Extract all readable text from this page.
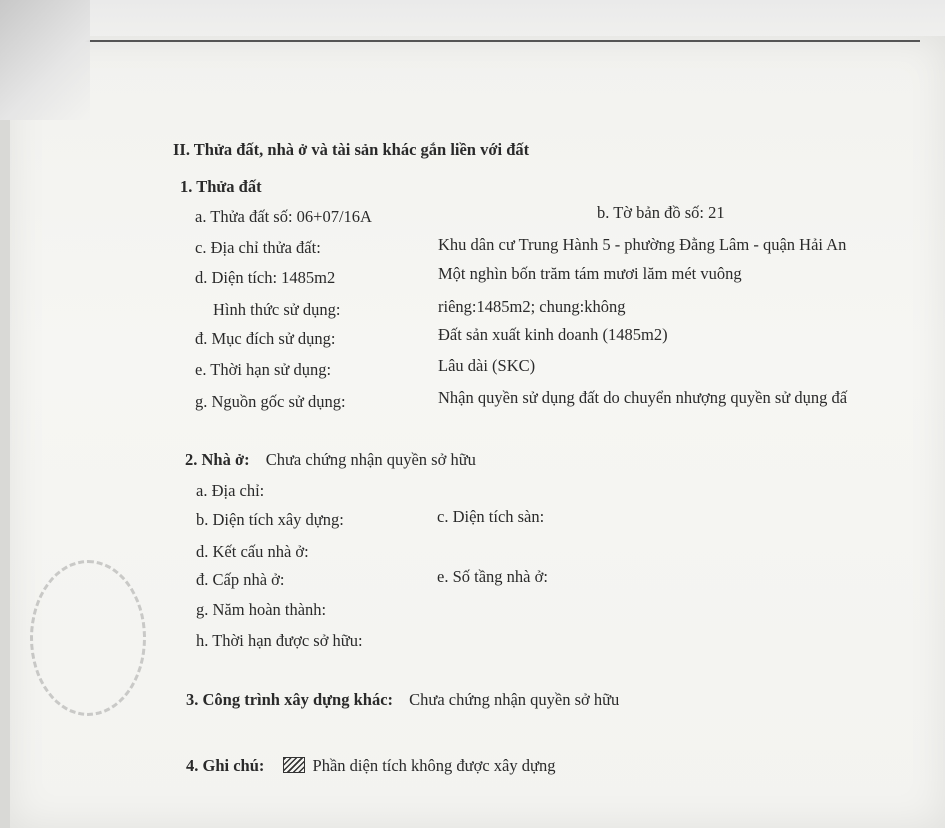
II. Thửa đất, nhà ở và tài sản khác gắn liền với đất
1. Thửa đất
a. Thửa đất số: 06+07/16A	b. Tờ bản đồ số: 21
c. Địa chỉ thửa đất:	Khu dân cư Trung Hành 5 - phường Đằng Lâm - quận Hải An
d. Diện tích: 1485m2	Một nghìn bốn trăm tám mươi lăm mét vuông
Hình thức sử dụng:	riêng:1485m2; chung:không
đ. Mục đích sử dụng:	Đất sản xuất kinh doanh (1485m2)
e. Thời hạn sử dụng:	Lâu dài (SKC)
g. Nguồn gốc sử dụng:	Nhận quyền sử dụng đất do chuyển nhượng quyền sử dụng đấ
2. Nhà ở: Chưa chứng nhận quyền sở hữu
a. Địa chỉ:
b. Diện tích xây dựng:	c. Diện tích sàn:
d. Kết cấu nhà ở:
đ. Cấp nhà ở:	e. Số tầng nhà ở:
g. Năm hoàn thành:
h. Thời hạn được sở hữu:
3. Công trình xây dựng khác: Chưa chứng nhận quyền sở hữu
4. Ghi chú:	Phần diện tích không được xây dựng
